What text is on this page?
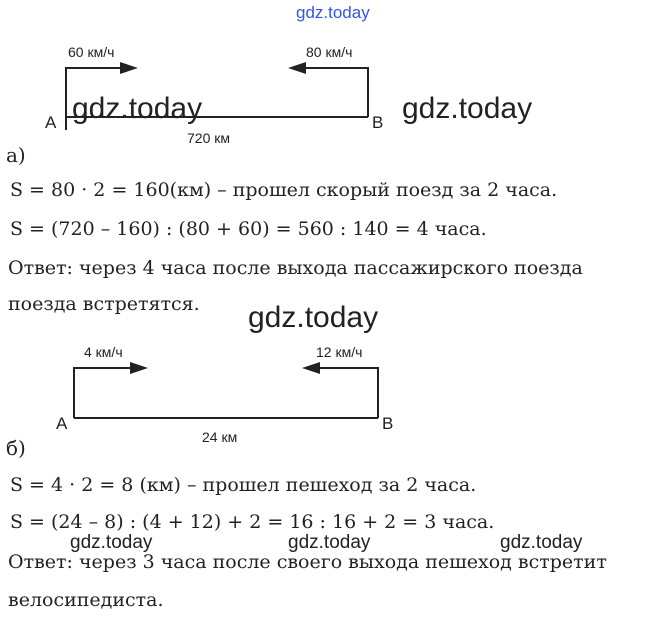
gdz.today
60 км/ч	80 км/ч
A	B
720 км
gdz.today	gdz.today
а)
S = 80 · 2 = 160(км) – прошел скорый поезд за 2 часа.
S = (720 – 160) : (80 + 60) = 560 : 140 = 4 часа.
Ответ: через 4 часа после выхода пассажирского поезда
поезда встретятся. gdz.today
4 км/ч	12 км/ч
A	B
24 км
б)
S = 4 · 2 = 8 (км) – прошел пешеход за 2 часа.
S = (24 – 8) : (4 + 12) + 2 = 16 : 16 + 2 = 3 часа.
gdz.today	gdz.today	gdz.today
Ответ: через 3 часа после своего выхода пешеход встретит
велосипедиста.
